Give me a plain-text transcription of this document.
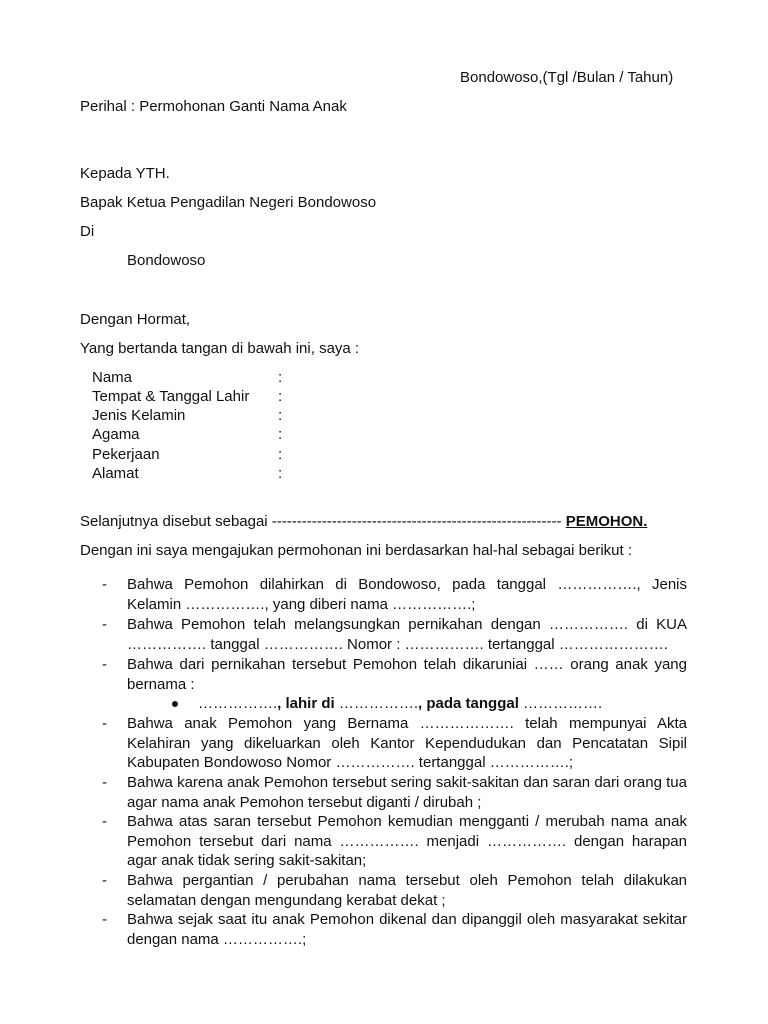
Bondowoso,(Tgl /Bulan / Tahun)
Perihal : Permohonan Ganti Nama Anak
Kepada YTH.
Bapak Ketua Pengadilan Negeri Bondowoso
Di
Bondowoso
Dengan Hormat,
Yang bertanda tangan di bawah ini, saya :
Nama	:
Tempat & Tanggal Lahir :
Jenis Kelamin	:
Agama	:
Pekerjaan	:
Alamat	:
Selanjutnya disebut sebagai ---------------------------------------------------------- PEMOHON.
Dengan ini saya mengajukan permohonan ini berdasarkan hal-hal sebagai berikut :
- Bahwa Pemohon dilahirkan di Bondowoso, pada tanggal ……………., Jenis Kelamin ……………., yang diberi nama …………….;
- Bahwa Pemohon telah melangsungkan pernikahan dengan ……………. di KUA ……………. tanggal ……………. Nomor : ……………. tertanggal ………………….
- Bahwa dari pernikahan tersebut Pemohon telah dikaruniai …… orang anak yang bernama :
……………., lahir di ……………., pada tanggal …………….
- Bahwa anak Pemohon yang Bernama ………………. telah mempunyai Akta Kelahiran yang dikeluarkan oleh Kantor Kependudukan dan Pencatatan Sipil Kabupaten Bondowoso Nomor ……………. tertanggal …………….;
- Bahwa karena anak Pemohon tersebut sering sakit-sakitan dan saran dari orang tua agar nama anak Pemohon tersebut diganti / dirubah ;
- Bahwa atas saran tersebut Pemohon kemudian mengganti / merubah nama anak Pemohon tersebut dari nama ……………. menjadi ……………. dengan harapan agar anak tidak sering sakit-sakitan;
- Bahwa pergantian / perubahan nama tersebut oleh Pemohon telah dilakukan selamatan dengan mengundang kerabat dekat ;
- Bahwa sejak saat itu anak Pemohon dikenal dan dipanggil oleh masyarakat sekitar dengan nama …………….;
